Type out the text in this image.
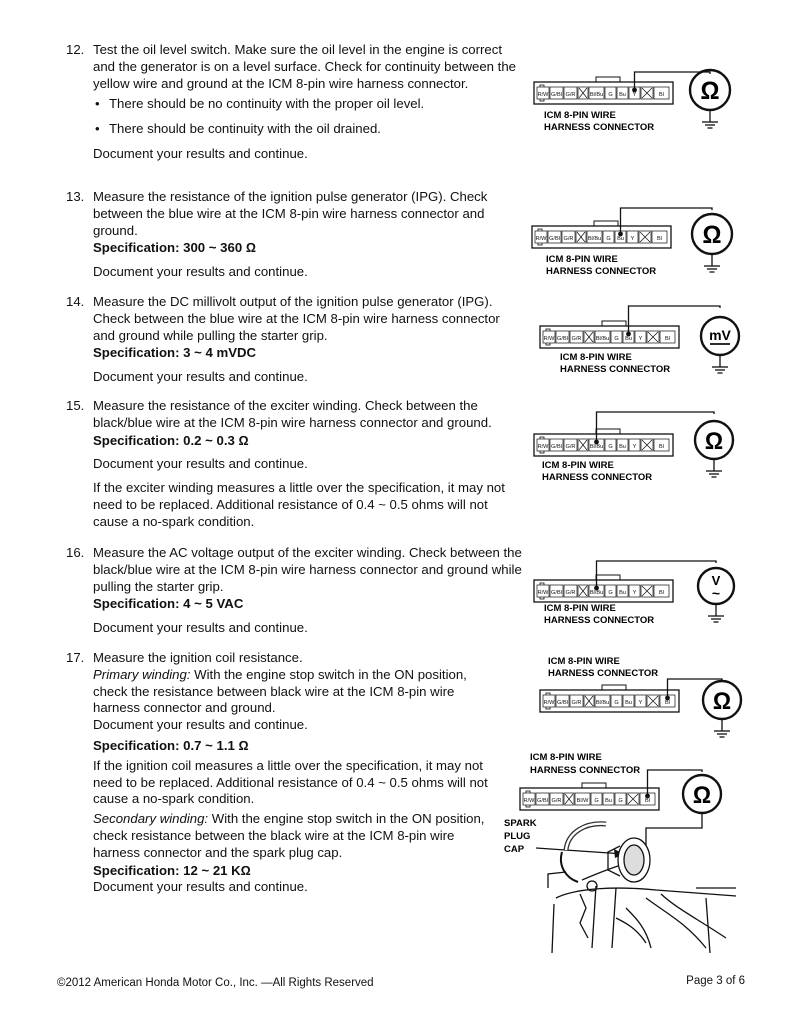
12. Test the oil level switch. Make sure the oil level in the engine is correct and the generator is on a level surface. Check for continuity between the yellow wire and ground at the ICM 8-pin wire harness connector.

• There should be no continuity with the proper oil level.
• There should be continuity with the oil drained.

Document your results and continue.

13. Measure the resistance of the ignition pulse generator (IPG). Check between the blue wire at the ICM 8-pin wire harness connector and ground.

Specification: 300 ~ 360 Ω

Document your results and continue.

14. Measure the DC millivolt output of the ignition pulse generator (IPG). Check between the blue wire at the ICM 8-pin wire harness connector and ground while pulling the starter grip.

Specification: 3 ~ 4 mVDC

Document your results and continue.

15. Measure the resistance of the exciter winding. Check between the black/blue wire at the ICM 8-pin wire harness connector and ground.

Specification: 0.2 ~ 0.3 Ω

Document your results and continue.

If the exciter winding measures a little over the specification, it may not need to be replaced. Additional resistance of 0.4 ~ 0.5 ohms will not cause a no-spark condition.

16. Measure the AC voltage output of the exciter winding. Check between the black/blue wire at the ICM 8-pin wire harness connector and ground while pulling the starter grip.

Specification: 4 ~ 5 VAC

Document your results and continue.

17. Measure the ignition coil resistance.

Primary winding: With the engine stop switch in the ON position, check the resistance between black wire at the ICM 8-pin wire harness connector and ground.

Document your results and continue.

Specification: 0.7 ~ 1.1 Ω

If the ignition coil measures a little over the specification, it may not need to be replaced. Additional resistance of 0.4 ~ 0.5 ohms will not cause a no-spark condition.

Secondary winding: With the engine stop switch in the ON position, check resistance between the black wire at the ICM 8-pin wire harness connector and the spark plug cap.

Specification: 12 ~ 21 KΩ

Document your results and continue.

R/W G/Bl G/R	Bl/Bu G Bu Y	Bl Ω
ICM 8-PIN WIRE
HARNESS CONNECTOR
R/W G/Bl G/R	Bl/Bu G Bu Y	Bl Ω
ICM 8-PIN WIRE
HARNESS CONNECTOR
R/W G/Bl G/R	Bl/Bu G Bu Y	Bl	mV
ICM 8-PIN WIRE
HARNESS CONNECTOR
R/W G/Bl G/R	Bl/Bu G Bu Y	Bl Ω
ICM 8-PIN WIRE
HARNESS CONNECTOR
R/W G/Bl G/R	Bl/Bu G Bu Y	Bl
V
~
ICM 8-PIN WIRE
HARNESS CONNECTOR
ICM 8-PIN WIRE
HARNESS CONNECTOR
R/W G/Bl G/R	Bl/Bu G Bu Y	Bl Ω
ICM 8-PIN WIRE
HARNESS CONNECTOR
R/W G/Bl G/R	Bl/W G Bu G	Bl Ω
SPARK
PLUG
CAP
©2012 American Honda Motor Co., Inc. —All Rights Reserved	Page 3 of 6
